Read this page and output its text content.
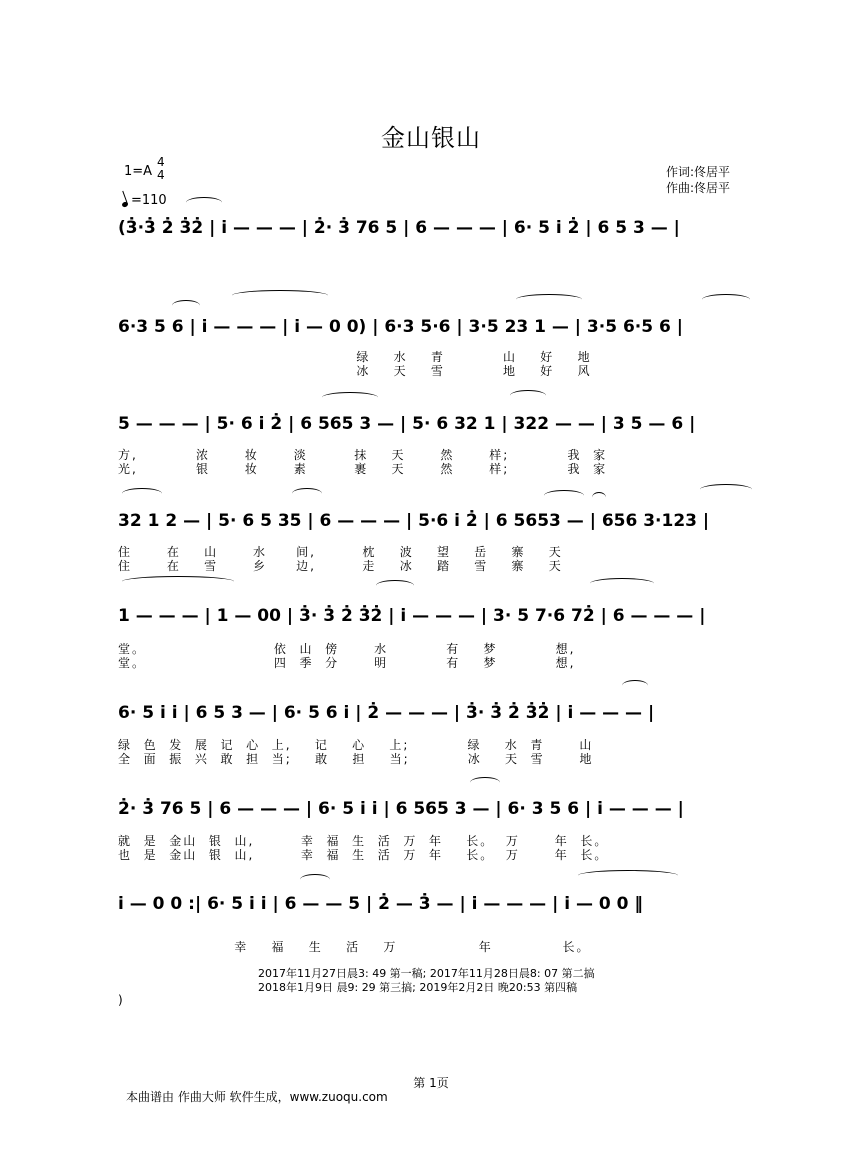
金山银山
1=A
4
4
=110
作词:佟居平
作曲:佟居平
(3̇·3̇ 2̇ 3̇2̇ | i — — — | 2̇· 3̇ 76 5 | 6 — — — | 6· 5 i 2̇ | 6 5 3 — |
6·3 5 6 | i — — — | i — 0 0) | 6·3 5·6 | 3·5 23 1 — | 3·5 6·5 6 |
绿    水    青          山    好    地
冰    天    雪          地    好    风
5 — — — | 5· 6 i 2̇ | 6 565 3 — | 5· 6 32 1 | 322 — — | 3 5 — 6 |
方,          浓      妆      淡        抹    天      然      样;          我  家
光,          银      妆      素        裹    天      然      样;          我  家
32 1 2 — | 5· 6 5 35 | 6 — — — | 5·6 i 2̇ | 6 5653 — | 656 3·123 |
住      在    山      水     间,        枕    波    望    岳    寨    天
住      在    雪      乡     边,        走    冰    踏    雪    寨    天
1 — — — | 1 — 00 | 3̇· 3̇ 2̇ 3̇2̇ | i — — — | 3· 5 7·6 72̇ | 6 — — — |
堂。                      依  山  傍      水          有    梦          想,
堂。                      四  季  分      明          有    梦          想,
6· 5 i i | 6 5 3 — | 6· 5 6 i | 2̇ — — — | 3̇· 3̇ 2̇ 3̇2̇ | i — — — |
绿  色  发  展  记  心  上,    记    心    上;          绿    水  青      山
全  面  振  兴  敢  担  当;    敢    担    当;          冰    天  雪      地
2̇· 3̇ 76 5 | 6 — — — | 6· 5 i i | 6 565 3 — | 6· 3 5 6 | i — — — |
就  是  金山  银  山,        幸  福  生  活  万  年    长。  万      年  长。
也  是  金山  银  山,        幸  福  生  活  万  年    长。  万      年  长。
i — 0 0 :| 6· 5 i i | 6 — — 5 | 2̇ — 3̇ — | i — — — | i — 0 0 ‖
幸    福    生    活    万              年            长。
2017年11月27日晨3: 49 第一稿; 2017年11月28日晨8: 07 第二搞
2018年1月9日 晨9: 29 第三搞; 2019年2月2日 晚20:53 第四稿
)
第 1页
本曲谱由 作曲大师 软件生成，www.zuoqu.com
